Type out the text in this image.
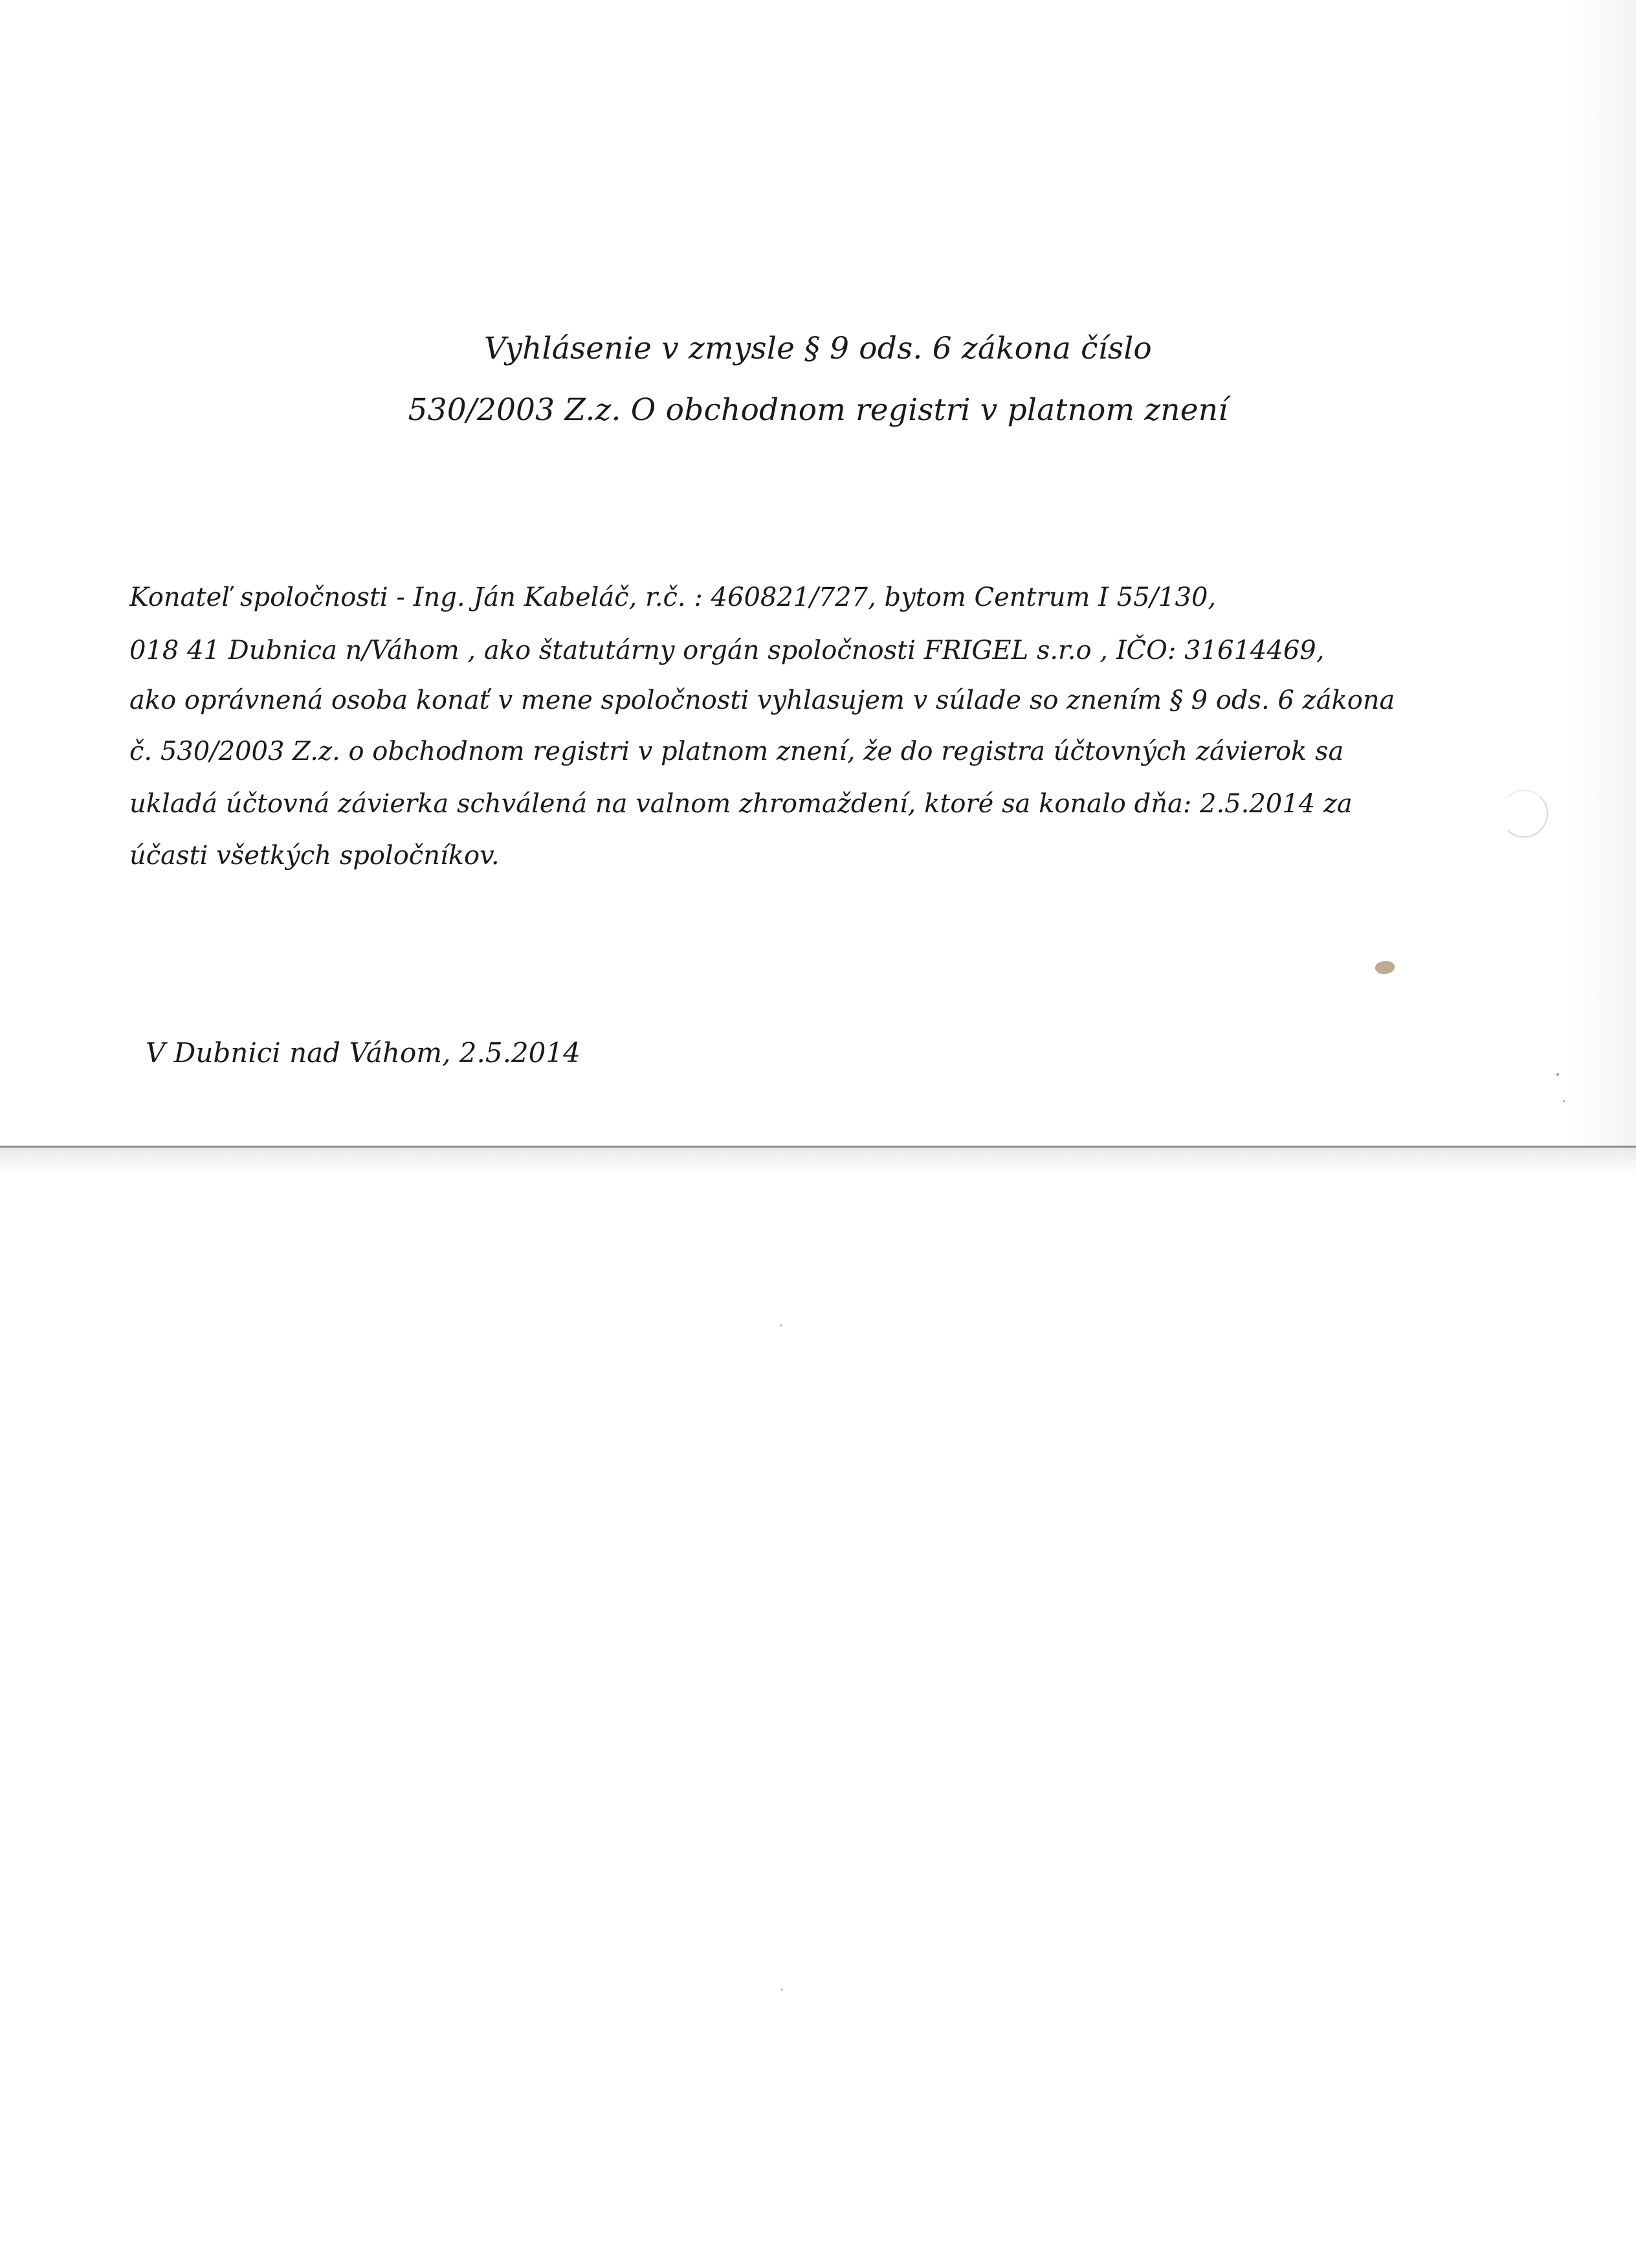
Vyhlásenie v zmysle § 9 ods. 6 zákona číslo
530/2003 Z.z. O obchodnom registri v platnom znení
Konateľ spoločnosti - Ing. Ján Kabeláč, r.č. : 460821/727, bytom Centrum I 55/130,
018 41 Dubnica n/Váhom , ako štatutárny orgán spoločnosti FRIGEL s.r.o , IČO: 31614469,
ako oprávnená osoba konať v mene spoločnosti vyhlasujem v súlade so znením § 9 ods. 6 zákona
č. 530/2003 Z.z. o obchodnom registri v platnom znení, že do registra účtovných závierok sa
ukladá účtovná závierka schválená na valnom zhromaždení, ktoré sa konalo dňa: 2.5.2014 za
účasti všetkých spoločníkov.
V Dubnici nad Váhom, 2.5.2014
